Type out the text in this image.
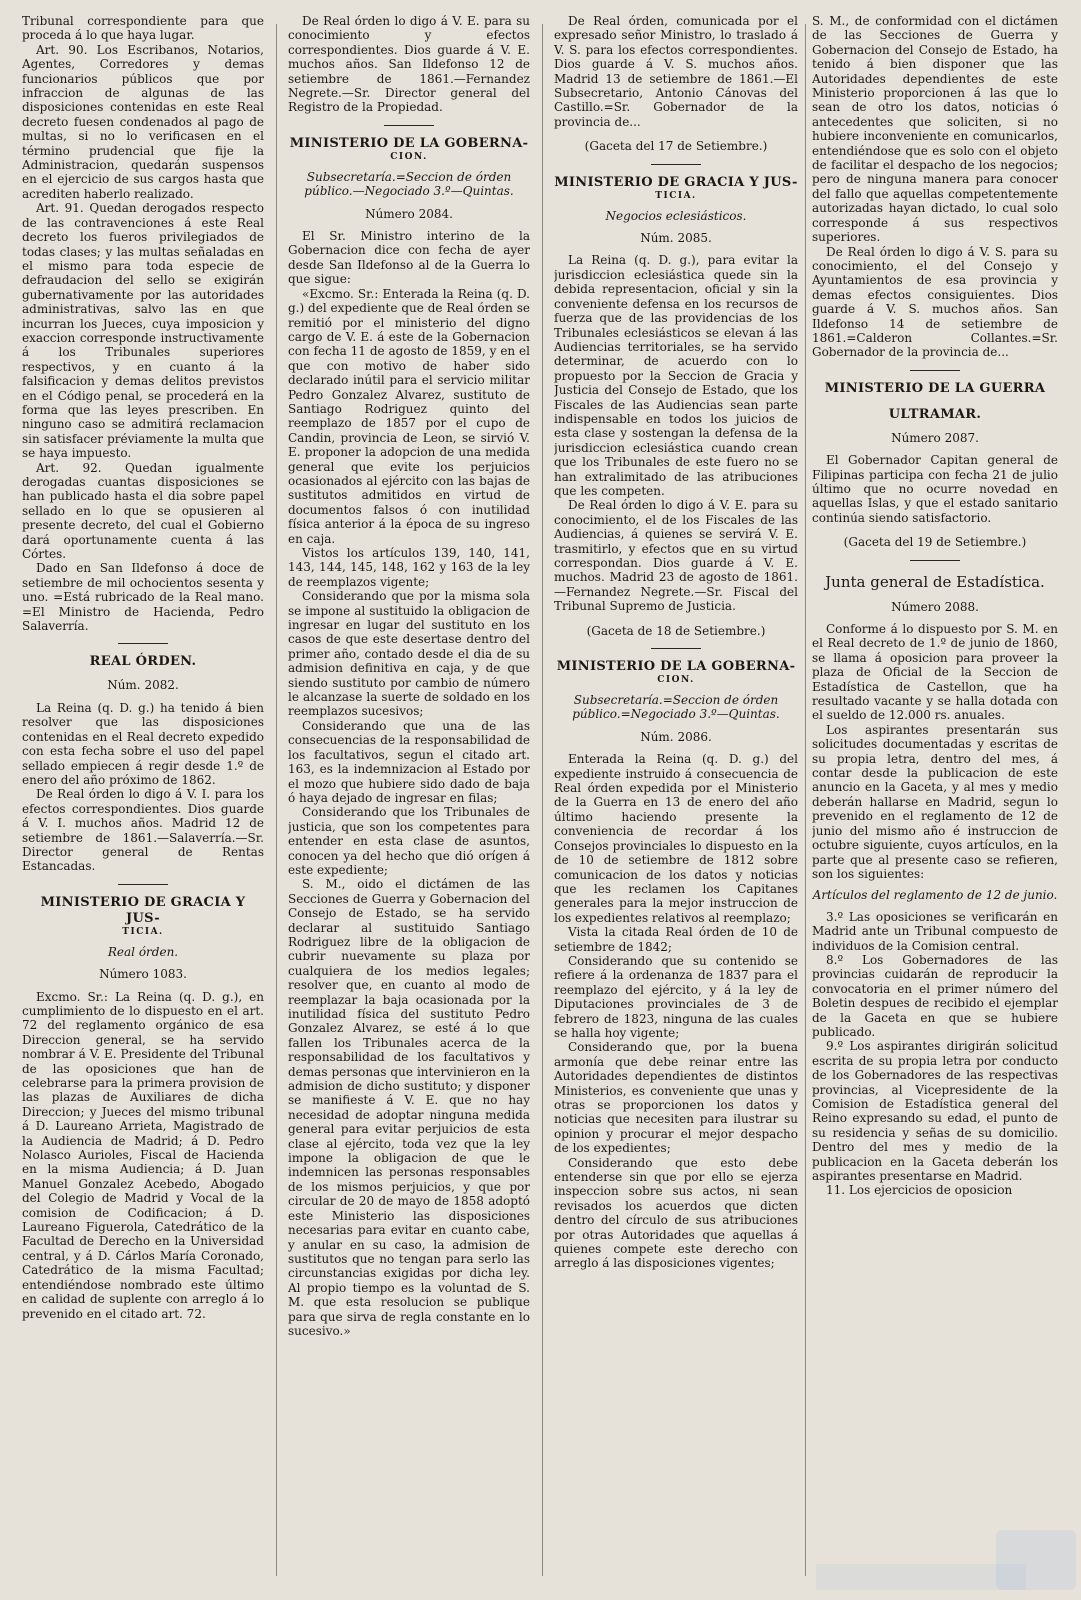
Tribunal correspondiente para que proceda á lo que haya lugar.

Art. 90. Los Escribanos, Notarios, Agentes, Corredores y demas funcionarios públicos que por infraccion de algunas de las disposiciones contenidas en este Real decreto fuesen condenados al pago de multas, si no lo verificasen en el término prudencial que fije la Administracion, quedarán suspensos en el ejercicio de sus cargos hasta que acrediten haberlo realizado.

Art. 91. Quedan derogados respecto de las contravenciones á este Real decreto los fueros privilegiados de todas clases; y las multas señaladas en el mismo para toda especie de defraudacion del sello se exigirán gubernativamente por las autoridades administrativas, salvo las en que incurran los Jueces, cuya imposicion y exaccion corresponde instructivamente á los Tribunales superiores respectivos, y en cuanto á la falsificacion y demas delitos previstos en el Código penal, se procederá en la forma que las leyes prescriben. En ninguno caso se admitirá reclamacion sin satisfacer préviamente la multa que se haya impuesto.

Art. 92. Quedan igualmente derogadas cuantas disposiciones se han publicado hasta el dia sobre papel sellado en lo que se opusieren al presente decreto, del cual el Gobierno dará oportunamente cuenta á las Córtes.

Dado en San Ildefonso á doce de setiembre de mil ochocientos sesenta y uno. =Está rubricado de la Real mano. =El Ministro de Hacienda, Pedro Salaverría.

REAL ÓRDEN.

Núm. 2082.

La Reina (q. D. g.) ha tenido á bien resolver que las disposiciones contenidas en el Real decreto expedido con esta fecha sobre el uso del papel sellado empiecen á regir desde 1.º de enero del año próximo de 1862.

De Real órden lo digo á V. I. para los efectos correspondientes. Dios guarde á V. I. muchos años. Madrid 12 de setiembre de 1861.—Salaverría.—Sr. Director general de Rentas Estancadas.

MINISTERIO DE GRACIA Y JUS-
TICIA.

Real órden.

Número 1083.

Excmo. Sr.: La Reina (q. D. g.), en cumplimiento de lo dispuesto en el art. 72 del reglamento orgánico de esa Direccion general, se ha servido nombrar á V. E. Presidente del Tribunal de las oposiciones que han de celebrarse para la primera provision de las plazas de Auxiliares de dicha Direccion; y Jueces del mismo tribunal á D. Laureano Arrieta, Magistrado de la Audiencia de Madrid; á D. Pedro Nolasco Aurioles, Fiscal de Hacienda en la misma Audiencia; á D. Juan Manuel Gonzalez Acebedo, Abogado del Colegio de Madrid y Vocal de la comision de Codificacion; á D. Laureano Figuerola, Catedrático de la Facultad de Derecho en la Universidad central, y á D. Cárlos María Coronado, Catedrático de la misma Facultad; entendiéndose nombrado este último en calidad de suplente con arreglo á lo prevenido en el citado art. 72.

De Real órden lo digo á V. E. para su conocimiento y efectos correspondientes. Dios guarde á V. E. muchos años. San Ildefonso 12 de setiembre de 1861.—Fernandez Negrete.—Sr. Director general del Registro de la Propiedad.

MINISTERIO DE LA GOBERNA-
CION.

Subsecretaría.=Seccion de órden público.—Negociado 3.º—Quintas.

Número 2084.

El Sr. Ministro interino de la Gobernacion dice con fecha de ayer desde San Ildefonso al de la Guerra lo que sigue:

«Excmo. Sr.: Enterada la Reina (q. D. g.) del expediente que de Real órden se remitió por el ministerio del digno cargo de V. E. á este de la Gobernacion con fecha 11 de agosto de 1859, y en el que con motivo de haber sido declarado inútil para el servicio militar Pedro Gonzalez Alvarez, sustituto de Santiago Rodriguez quinto del reemplazo de 1857 por el cupo de Candin, provincia de Leon, se sirvió V. E. proponer la adopcion de una medida general que evite los perjuicios ocasionados al ejército con las bajas de sustitutos admitidos en virtud de documentos falsos ó con inutilidad física anterior á la época de su ingreso en caja.

Vistos los artículos 139, 140, 141, 143, 144, 145, 148, 162 y 163 de la ley de reemplazos vigente;

Considerando que por la misma sola se impone al sustituido la obligacion de ingresar en lugar del sustituto en los casos de que este desertase dentro del primer año, contado desde el dia de su admision definitiva en caja, y de que siendo sustituto por cambio de número le alcanzase la suerte de soldado en los reemplazos sucesivos;

Considerando que una de las consecuencias de la responsabilidad de los facultativos, segun el citado art. 163, es la indemnizacion al Estado por el mozo que hubiere sido dado de baja ó haya dejado de ingresar en filas;

Considerando que los Tribunales de justicia, que son los competentes para entender en esta clase de asuntos, conocen ya del hecho que dió orígen á este expediente;

S. M., oido el dictámen de las Secciones de Guerra y Gobernacion del Consejo de Estado, se ha servido declarar al sustituido Santiago Rodriguez libre de la obligacion de cubrir nuevamente su plaza por cualquiera de los medios legales; resolver que, en cuanto al modo de reemplazar la baja ocasionada por la inutilidad física del sustituto Pedro Gonzalez Alvarez, se esté á lo que fallen los Tribunales acerca de la responsabilidad de los facultativos y demas personas que intervinieron en la admision de dicho sustituto; y disponer se manifieste á V. E. que no hay necesidad de adoptar ninguna medida general para evitar perjuicios de esta clase al ejército, toda vez que la ley impone la obligacion de que le indemnicen las personas responsables de los mismos perjuicios, y que por circular de 20 de mayo de 1858 adoptó este Ministerio las disposiciones necesarias para evitar en cuanto cabe, y anular en su caso, la admision de sustitutos que no tengan para serlo las circunstancias exigidas por dicha ley. Al propio tiempo es la voluntad de S. M. que esta resolucion se publique para que sirva de regla constante en lo sucesivo.»

De Real órden, comunicada por el expresado señor Ministro, lo traslado á V. S. para los efectos correspondientes. Dios guarde á V. S. muchos años. Madrid 13 de setiembre de 1861.—El Subsecretario, Antonio Cánovas del Castillo.=Sr. Gobernador de la provincia de...

(Gaceta del 17 de Setiembre.)

MINISTERIO DE GRACIA Y JUS-
TICIA.

Negocios eclesiásticos.

Núm. 2085.

La Reina (q. D. g.), para evitar la jurisdiccion eclesiástica quede sin la debida representacion, oficial y sin la conveniente defensa en los recursos de fuerza que de las providencias de los Tribunales eclesiásticos se elevan á las Audiencias territoriales, se ha servido determinar, de acuerdo con lo propuesto por la Seccion de Gracia y Justicia del Consejo de Estado, que los Fiscales de las Audiencias sean parte indispensable en todos los juicios de esta clase y sostengan la defensa de la jurisdiccion eclesiástica cuando crean que los Tribunales de este fuero no se han extralimitado de las atribuciones que les competen.

De Real órden lo digo á V. E. para su conocimiento, el de los Fiscales de las Audiencias, á quienes se servirá V. E. trasmitirlo, y efectos que en su virtud correspondan. Dios guarde á V. E. muchos. Madrid 23 de agosto de 1861.—Fernandez Negrete.—Sr. Fiscal del Tribunal Supremo de Justicia.

(Gaceta de 18 de Setiembre.)

MINISTERIO DE LA GOBERNA-
CION.

Subsecretaría.=Seccion de órden público.=Negociado 3.º—Quintas.

Núm. 2086.

Enterada la Reina (q. D. g.) del expediente instruido á consecuencia de Real órden expedida por el Ministerio de la Guerra en 13 de enero del año último haciendo presente la conveniencia de recordar á los Consejos provinciales lo dispuesto en la de 10 de setiembre de 1812 sobre comunicacion de los datos y noticias que les reclamen los Capitanes generales para la mejor instruccion de los expedientes relativos al reemplazo;

Vista la citada Real órden de 10 de setiembre de 1842;

Considerando que su contenido se refiere á la ordenanza de 1837 para el reemplazo del ejército, y á la ley de Diputaciones provinciales de 3 de febrero de 1823, ninguna de las cuales se halla hoy vigente;

Considerando que, por la buena armonía que debe reinar entre las Autoridades dependientes de distintos Ministerios, es conveniente que unas y otras se proporcionen los datos y noticias que necesiten para ilustrar su opinion y procurar el mejor despacho de los expedientes;

Considerando que esto debe entenderse sin que por ello se ejerza inspeccion sobre sus actos, ni sean revisados los acuerdos que dicten dentro del círculo de sus atribuciones por otras Autoridades que aquellas á quienes compete este derecho con arreglo á las disposiciones vigentes;

S. M., de conformidad con el dictámen de las Secciones de Guerra y Gobernacion del Consejo de Estado, ha tenido á bien disponer que las Autoridades dependientes de este Ministerio proporcionen á las que lo sean de otro los datos, noticias ó antecedentes que soliciten, si no hubiere inconveniente en comunicarlos, entendiéndose que es solo con el objeto de facilitar el despacho de los negocios; pero de ninguna manera para conocer del fallo que aquellas competentemente autorizadas hayan dictado, lo cual solo corresponde á sus respectivos superiores.

De Real órden lo digo á V. S. para su conocimiento, el del Consejo y Ayuntamientos de esa provincia y demas efectos consiguientes. Dios guarde á V. S. muchos años. San Ildefonso 14 de setiembre de 1861.=Calderon Collantes.=Sr. Gobernador de la provincia de...

MINISTERIO DE LA GUERRA
ULTRAMAR.

Número 2087.

El Gobernador Capitan general de Filipinas participa con fecha 21 de julio último que no ocurre novedad en aquellas Islas, y que el estado sanitario continúa siendo satisfactorio.

(Gaceta del 19 de Setiembre.)

Junta general de Estadística.

Número 2088.

Conforme á lo dispuesto por S. M. en el Real decreto de 1.º de junio de 1860, se llama á oposicion para proveer la plaza de Oficial de la Seccion de Estadística de Castellon, que ha resultado vacante y se halla dotada con el sueldo de 12.000 rs. anuales.

Los aspirantes presentarán sus solicitudes documentadas y escritas de su propia letra, dentro del mes, á contar desde la publicacion de este anuncio en la Gaceta, y al mes y medio deberán hallarse en Madrid, segun lo prevenido en el reglamento de 12 de junio del mismo año é instruccion de octubre siguiente, cuyos artículos, en la parte que al presente caso se refieren, son los siguientes:

Artículos del reglamento de 12 de junio.

3.º Las oposiciones se verificarán en Madrid ante un Tribunal compuesto de individuos de la Comision central.

8.º Los Gobernadores de las provincias cuidarán de reproducir la convocatoria en el primer número del Boletin despues de recibido el ejemplar de la Gaceta en que se hubiere publicado.

9.º Los aspirantes dirigirán solicitud escrita de su propia letra por conducto de los Gobernadores de las respectivas provincias, al Vicepresidente de la Comision de Estadística general del Reino expresando su edad, el punto de su residencia y señas de su domicilio. Dentro del mes y medio de la publicacion en la Gaceta deberán los aspirantes presentarse en Madrid.

11. Los ejercicios de oposicion
